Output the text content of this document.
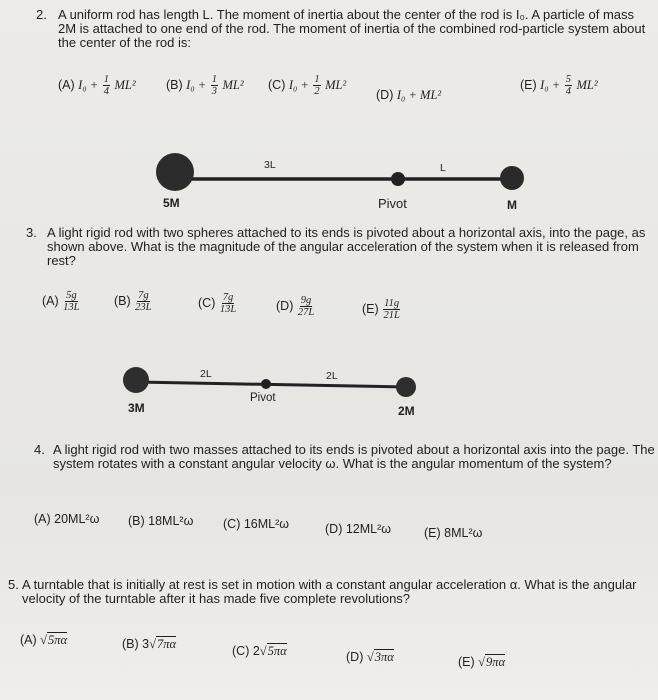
2. A uniform rod has length L. The moment of inertia about the center of the rod is I₀. A particle of mass 2M is attached to one end of the rod. The moment of inertia of the combined rod-particle system about the center of the rod is:
(A) $I_0 + \frac{1}{4} ML^2$ (B) $I_0 + \frac{1}{3} ML^2$ (C) $I_0 + \frac{1}{2} ML^2$
(D) I₀ + ML²
(E) $I_0 + \frac{5}{4} ML^2$
5M
3L
Pivot
L
M
3. A light rigid rod with two spheres attached to its ends is pivoted about a horizontal axis, into the page, as shown above. What is the magnitude of the angular acceleration of the system when it is released from rest?
$(A) \frac{5g}{13L}$	$(B) \frac{7g}{23L}$	$(C) \frac{7g}{13L}$	$(D) \frac{9g}{27L}$	$(E) \frac{11g}{21L}$
3M
2L
Pivot
2L
2M
4. A light rigid rod with two masses attached to its ends is pivoted about a horizontal axis into the page. The system rotates with a constant angular velocity ω. What is the angular momentum of the system?
(A) 20ML²ω (B) 18ML²ω (C) 16ML²ω	(D) 12ML²ω	(E) 8ML²ω
5. A turntable that is initially at rest is set in motion with a constant angular acceleration α. What is the angular velocity of the turntable after it has made five complete revolutions?
(A) √5πα	(B) 3√7πα	(C) 2√5πα	(D) √3πα	(E) √9πα
